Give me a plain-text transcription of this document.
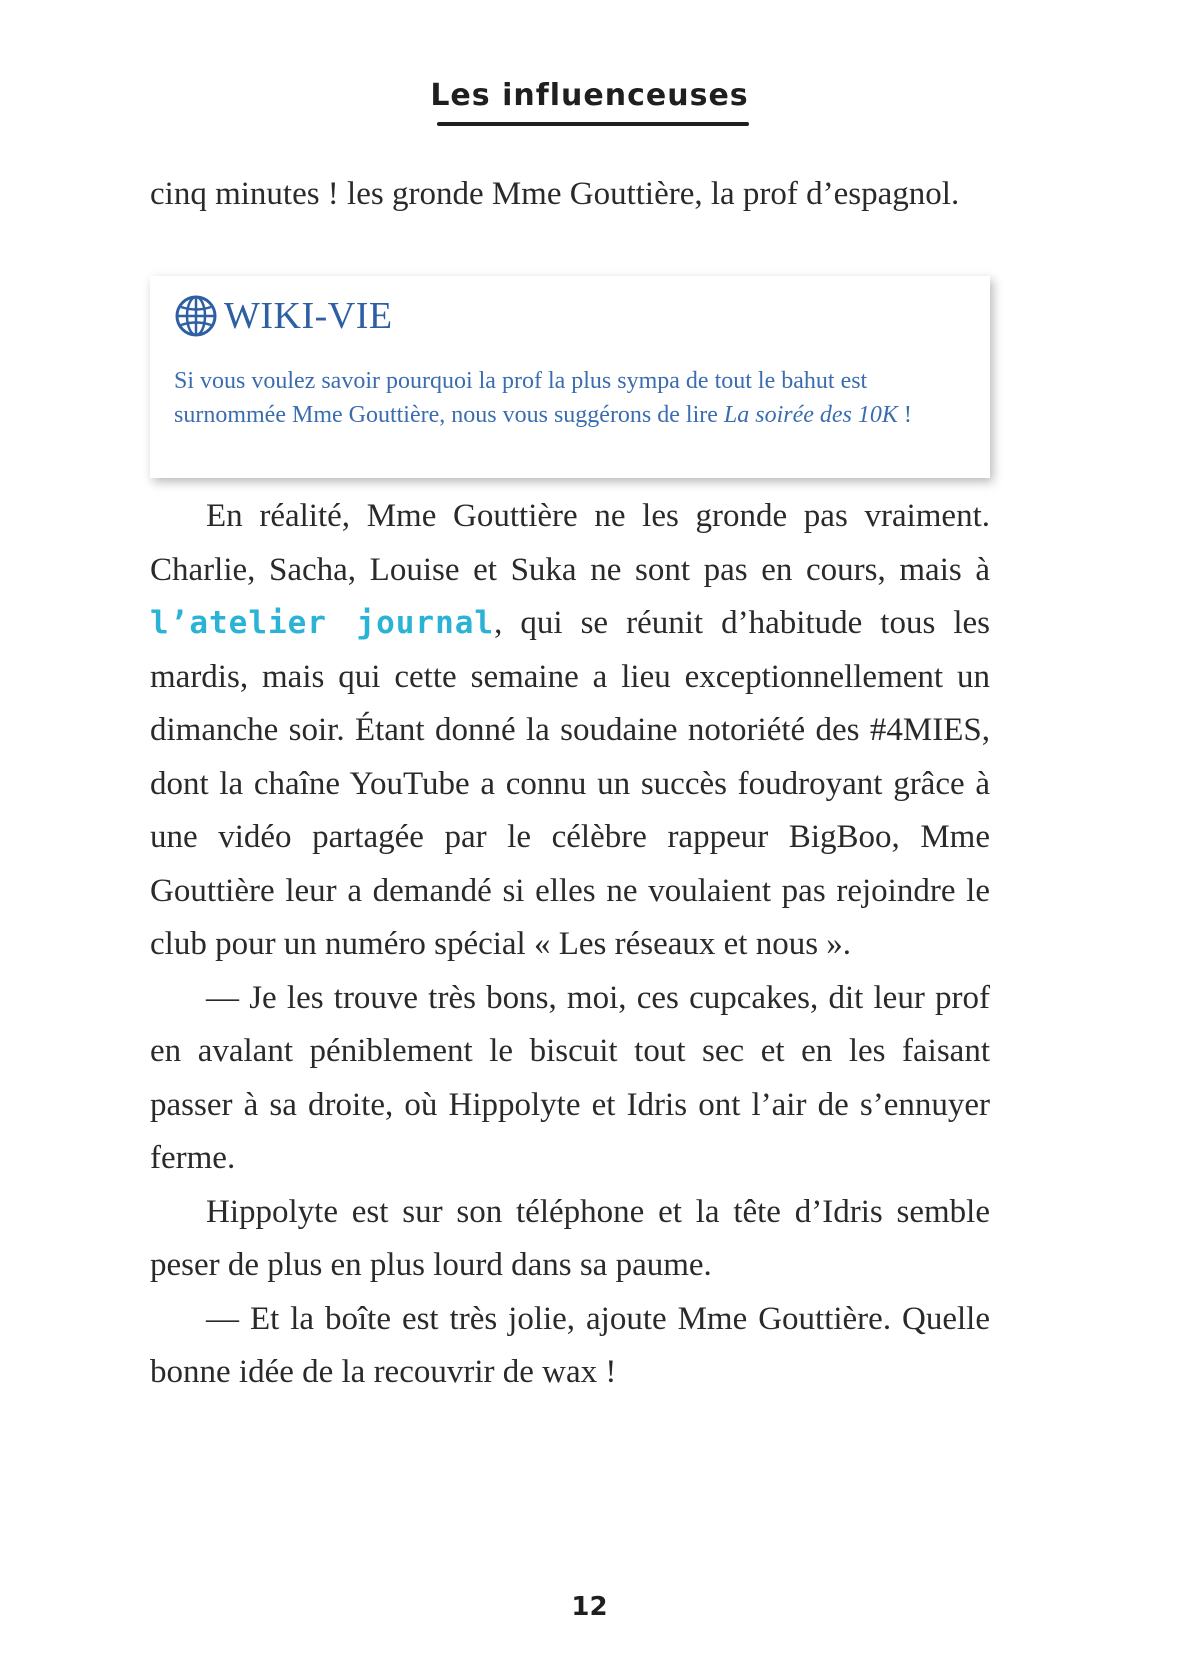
Les influenceuses

cinq minutes ! les gronde Mme Gouttière, la prof d’espagnol.

WIKI-VIE
Si vous voulez savoir pourquoi la prof la plus sympa de tout le bahut est surnommée Mme Gouttière, nous vous suggérons de lire La soirée des 10K !

En réalité, Mme Gouttière ne les gronde pas vraiment. Charlie, Sacha, Louise et Suka ne sont pas en cours, mais à l’atelier journal, qui se réunit d’habitude tous les mardis, mais qui cette semaine a lieu exceptionnellement un dimanche soir. Étant donné la soudaine notoriété des #4MIES, dont la chaîne YouTube a connu un succès foudroyant grâce à une vidéo partagée par le célèbre rappeur BigBoo, Mme Gouttière leur a demandé si elles ne voulaient pas rejoindre le club pour un numéro spécial « Les réseaux et nous ».

— Je les trouve très bons, moi, ces cupcakes, dit leur prof en avalant péniblement le biscuit tout sec et en les faisant passer à sa droite, où Hippolyte et Idris ont l’air de s’ennuyer ferme.

Hippolyte est sur son téléphone et la tête d’Idris semble peser de plus en plus lourd dans sa paume.

— Et la boîte est très jolie, ajoute Mme Gouttière. Quelle bonne idée de la recouvrir de wax !

12
